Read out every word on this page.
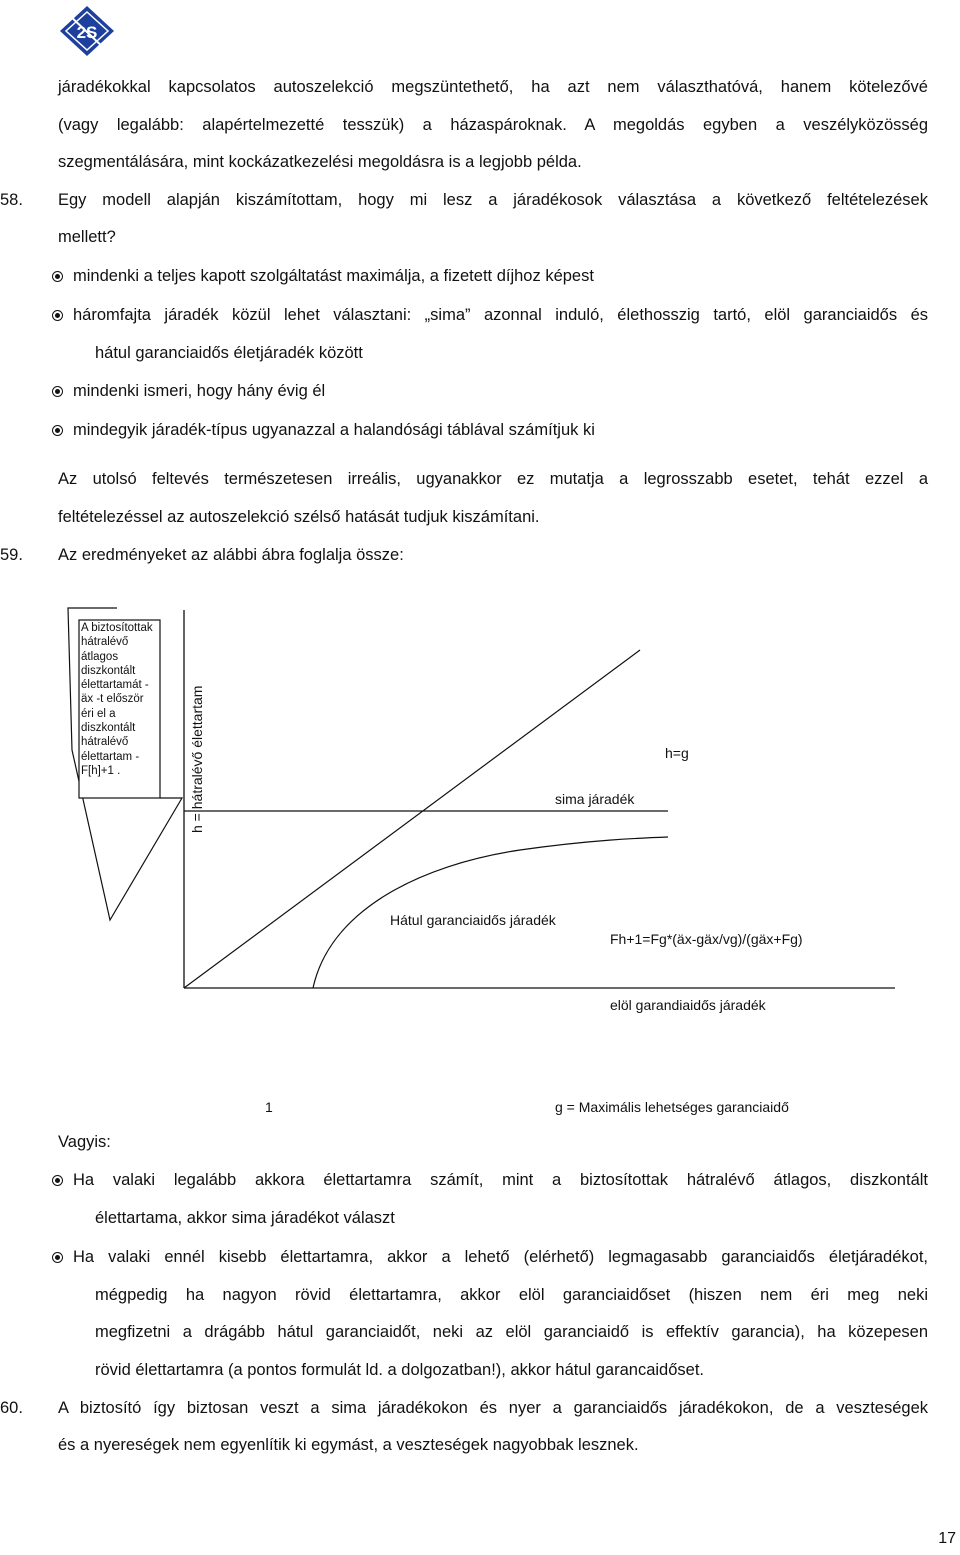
2S

járadékokkal kapcsolatos autoszelekció megszüntethető, ha azt nem választhatóvá, hanem kötelezővé

(vagy legalább: alapértelmezetté tesszük) a házaspároknak. A megoldás egyben a veszélyközösség

szegmentálására, mint kockázatkezelési megoldásra is a legjobb példa.

58. Egy modell alapján kiszámítottam, hogy mi lesz a járadékosok választása a következő feltételezések

mellett?

mindenki a teljes kapott szolgáltatást maximálja, a fizetett díjhoz képest
háromfajta járadék közül lehet választani: „sima” azonnal induló, élethosszig tartó, elöl garanciaidős és
hátul garanciaidős életjáradék között
mindenki ismeri, hogy hány évig él
mindegyik járadék-típus ugyanazzal a halandósági táblával számítjuk ki

Az utolsó feltevés természetesen irreális, ugyanakkor ez mutatja a legrosszabb esetet, tehát ezzel a

feltételezéssel az autoszelekció szélső hatását tudjuk kiszámítani.

59. Az eredményeket az alábbi ábra foglalja össze:

A biztosítottak
hátralévő
átlagos
diszkontált
élettartamát -
äx -t először
éri el a
diszkontált
hátralévő
élettartam -
F[h]+1 .	h = hátralévő élettartam	h=g
sima járadék
Hátul garanciaidős járadék
Fh+1=Fg*(äx-gäx/vg)/(gäx+Fg)
elöl garandiaidős járadék
1	g = Maximális lehetséges garanciaidő

Vagyis:

Ha valaki legalább akkora élettartamra számít, mint a biztosítottak hátralévő átlagos, diszkontált
élettartama, akkor sima járadékot választ
Ha valaki ennél kisebb élettartamra, akkor a lehető (elérhető) legmagasabb garanciaidős életjáradékot,
mégpedig ha nagyon rövid élettartamra, akkor elöl garanciaidőset (hiszen nem éri meg neki
megfizetni a drágább hátul garanciaidőt, neki az elöl garanciaidő is effektív garancia), ha közepesen
rövid élettartamra (a pontos formulát ld. a dolgozatban!), akkor hátul garancaidőset.
60. A biztosító így biztosan veszt a sima járadékokon és nyer a garanciaidős járadékokon, de a veszteségek

és a nyereségek nem egyenlítik ki egymást, a veszteségek nagyobbak lesznek.

17
